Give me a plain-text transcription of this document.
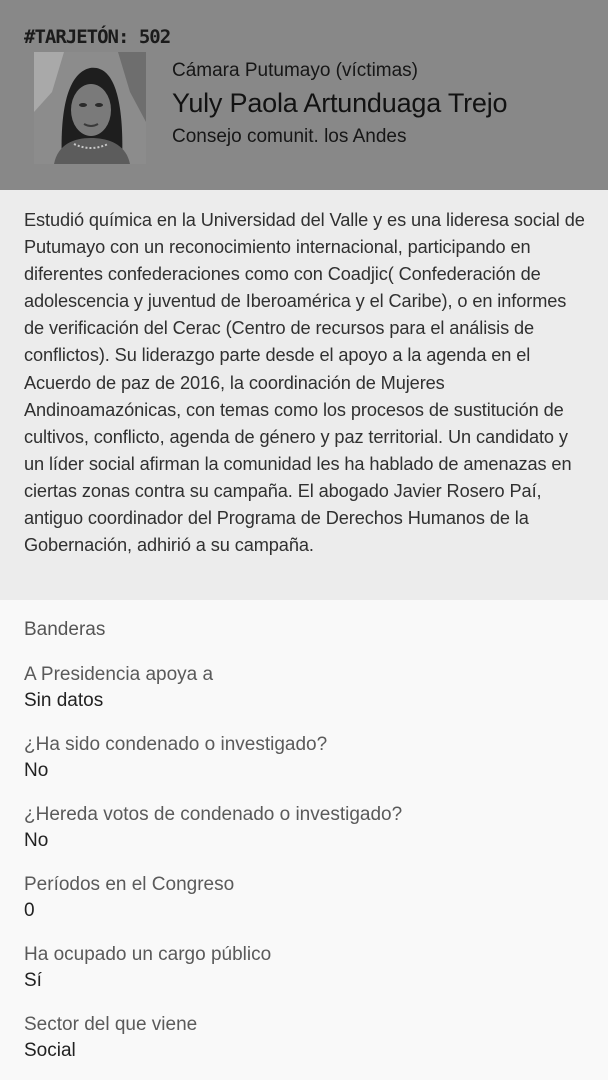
#TARJETÓN: 502
Cámara Putumayo (víctimas)
Yuly Paola Artunduaga Trejo
Consejo comunit. los Andes

Estudió química en la Universidad del Valle y es una lideresa social de Putumayo con un reconocimiento internacional, participando en diferentes confederaciones como con Coadjic( Confederación de adolescencia y juventud de Iberoamérica y el Caribe), o en informes de verificación del Cerac (Centro de recursos para el análisis de conflictos). Su liderazgo parte desde el apoyo a la agenda en el Acuerdo de paz de 2016, la coordinación de Mujeres Andinoamazónicas, con temas como los procesos de sustitución de cultivos, conflicto, agenda de género y paz territorial. Un candidato y un líder social afirman la comunidad les ha hablado de amenazas en ciertas zonas contra su campaña. El abogado Javier Rosero Paí, antiguo coordinador del Programa de Derechos Humanos de la Gobernación, adhirió a su campaña.

Banderas
A Presidencia apoya a
Sin datos
¿Ha sido condenado o investigado?
No
¿Hereda votos de condenado o investigado?
No
Períodos en el Congreso
0
Ha ocupado un cargo público
Sí
Sector del que viene
Social
